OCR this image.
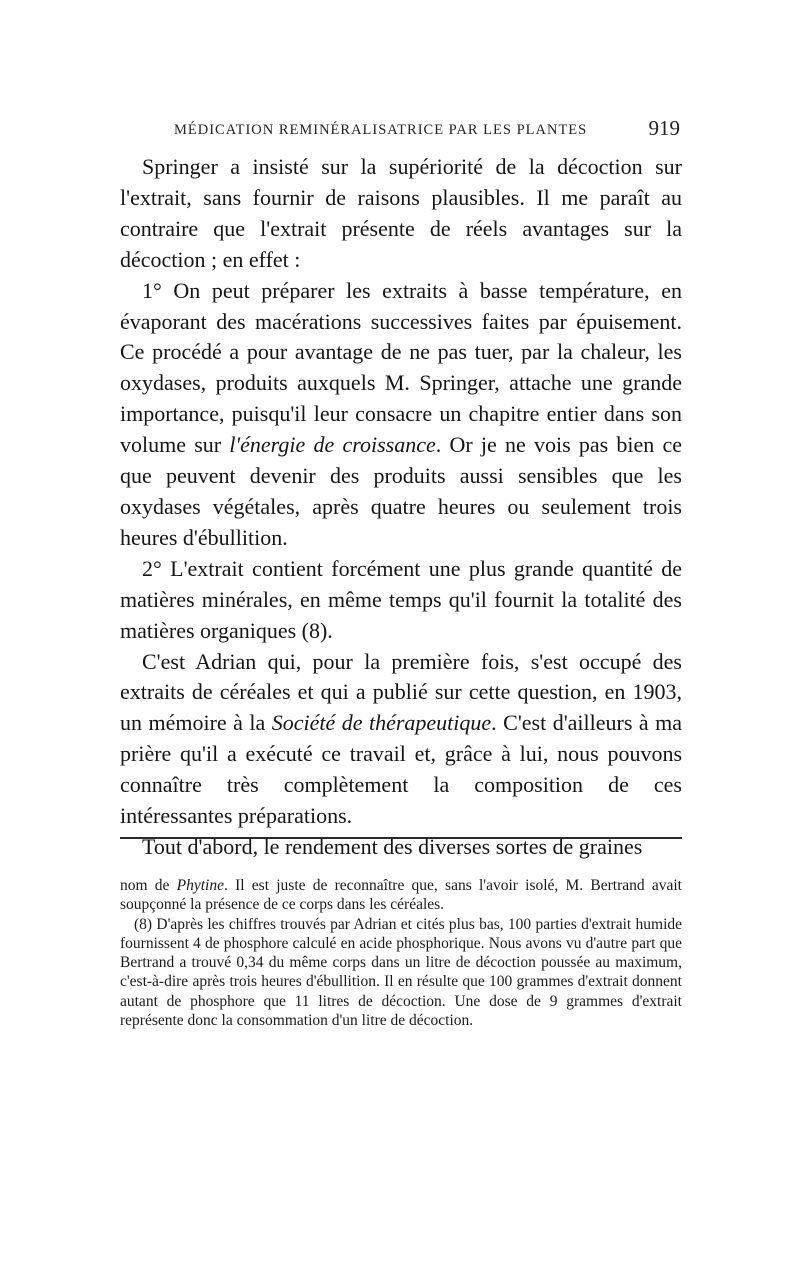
MÉDICATION REMINÉRALISATRICE PAR LES PLANTES	919

Springer a insisté sur la supériorité de la décoction sur l'extrait, sans fournir de raisons plausibles. Il me paraît au contraire que l'extrait présente de réels avantages sur la décoction ; en effet :

1° On peut préparer les extraits à basse température, en évaporant des macérations successives faites par épuisement. Ce procédé a pour avantage de ne pas tuer, par la chaleur, les oxydases, produits auxquels M. Springer, attache une grande importance, puisqu'il leur consacre un chapitre entier dans son volume sur l'énergie de croissance. Or je ne vois pas bien ce que peuvent devenir des produits aussi sensibles que les oxydases végétales, après quatre heures ou seulement trois heures d'ébullition.

2° L'extrait contient forcément une plus grande quantité de matières minérales, en même temps qu'il fournit la totalité des matières organiques (8).

C'est Adrian qui, pour la première fois, s'est occupé des extraits de céréales et qui a publié sur cette question, en 1903, un mémoire à la Société de thérapeutique. C'est d'ailleurs à ma prière qu'il a exécuté ce travail et, grâce à lui, nous pouvons connaître très complètement la composition de ces intéressantes préparations.

Tout d'abord, le rendement des diverses sortes de graines

nom de Phytine. Il est juste de reconnaître que, sans l'avoir isolé, M. Bertrand avait soupçonné la présence de ce corps dans les céréales.

(8) D'après les chiffres trouvés par Adrian et cités plus bas, 100 parties d'extrait humide fournissent 4 de phosphore calculé en acide phosphorique. Nous avons vu d'autre part que Bertrand a trouvé 0,34 du même corps dans un litre de décoction poussée au maximum, c'est-à-dire après trois heures d'ébullition. Il en résulte que 100 grammes d'extrait donnent autant de phosphore que 11 litres de décoction. Une dose de 9 grammes d'extrait représente donc la consommation d'un litre de décoction.
